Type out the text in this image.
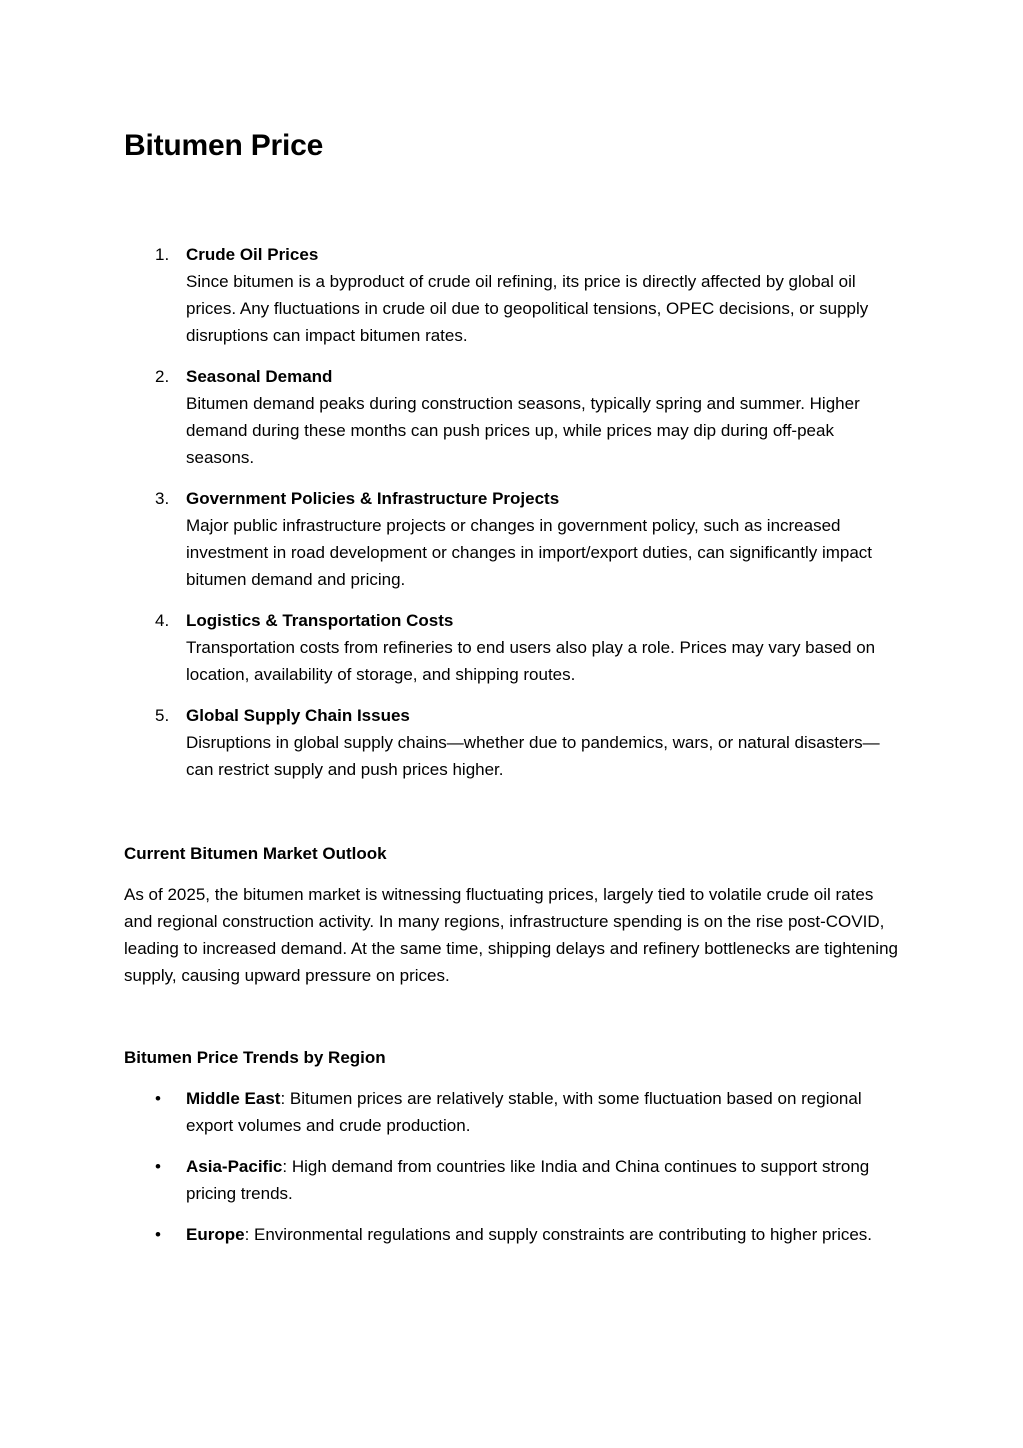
Bitumen Price
1. Crude Oil Prices
Since bitumen is a byproduct of crude oil refining, its price is directly affected by global oil prices. Any fluctuations in crude oil due to geopolitical tensions, OPEC decisions, or supply disruptions can impact bitumen rates.
2. Seasonal Demand
Bitumen demand peaks during construction seasons, typically spring and summer. Higher demand during these months can push prices up, while prices may dip during off-peak seasons.
3. Government Policies & Infrastructure Projects
Major public infrastructure projects or changes in government policy, such as increased investment in road development or changes in import/export duties, can significantly impact bitumen demand and pricing.
4. Logistics & Transportation Costs
Transportation costs from refineries to end users also play a role. Prices may vary based on location, availability of storage, and shipping routes.
5. Global Supply Chain Issues
Disruptions in global supply chains—whether due to pandemics, wars, or natural disasters—can restrict supply and push prices higher.
Current Bitumen Market Outlook

As of 2025, the bitumen market is witnessing fluctuating prices, largely tied to volatile crude oil rates and regional construction activity. In many regions, infrastructure spending is on the rise post-COVID, leading to increased demand. At the same time, shipping delays and refinery bottlenecks are tightening supply, causing upward pressure on prices.

Bitumen Price Trends by Region
• Middle East: Bitumen prices are relatively stable, with some fluctuation based on regional export volumes and crude production.
• Asia-Pacific: High demand from countries like India and China continues to support strong pricing trends.
• Europe: Environmental regulations and supply constraints are contributing to higher prices.
